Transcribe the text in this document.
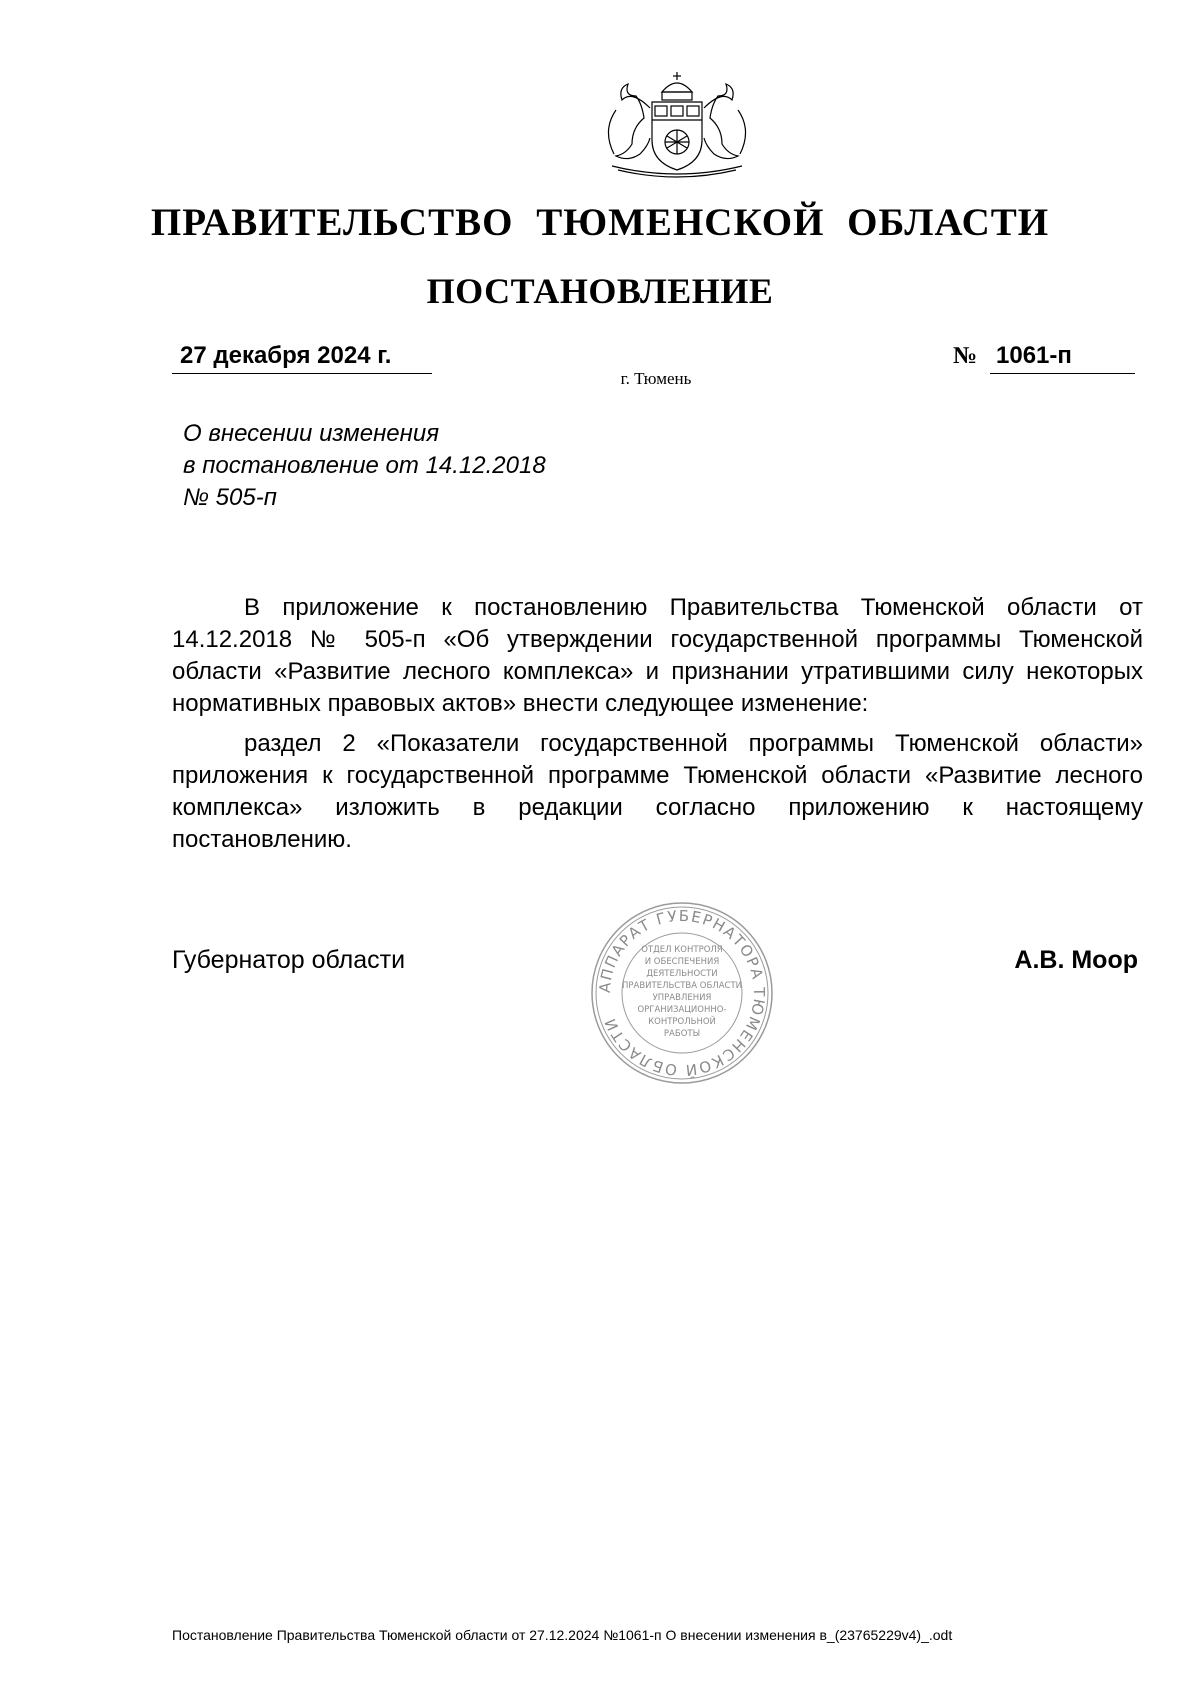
ПРАВИТЕЛЬСТВО ТЮМЕНСКОЙ ОБЛАСТИ
ПОСТАНОВЛЕНИЕ
27 декабря 2024 г.	№ 1061-п
г. Тюмень
О внесении изменения
в постановление от 14.12.2018
№ 505-п

В приложение к постановлению Правительства Тюменской области от 14.12.2018 № 505-п «Об утверждении государственной программы Тюменской области «Развитие лесного комплекса» и признании утратившими силу некоторых нормативных правовых актов» внести следующее изменение:

раздел 2 «Показатели государственной программы Тюменской области» приложения к государственной программе Тюменской области «Развитие лесного комплекса» изложить в редакции согласно приложению к настоящему постановлению.

Губернатор области	А.В. Моор
АППАРАТ ГУБЕРНАТОРА ТЮМЕНСКОЙ ОБЛАСТИ
ОТДЕЛ КОНТРОЛЯ
И ОБЕСПЕЧЕНИЯ
ДЕЯТЕЛЬНОСТИ
ПРАВИТЕЛЬСТВА ОБЛАСТИ
УПРАВЛЕНИЯ
ОРГАНИЗАЦИОННО-
КОНТРОЛЬНОЙ
РАБОТЫ
Постановление Правительства Тюменской области от 27.12.2024 №1061-п О внесении изменения в_(23765229v4)_.odt
